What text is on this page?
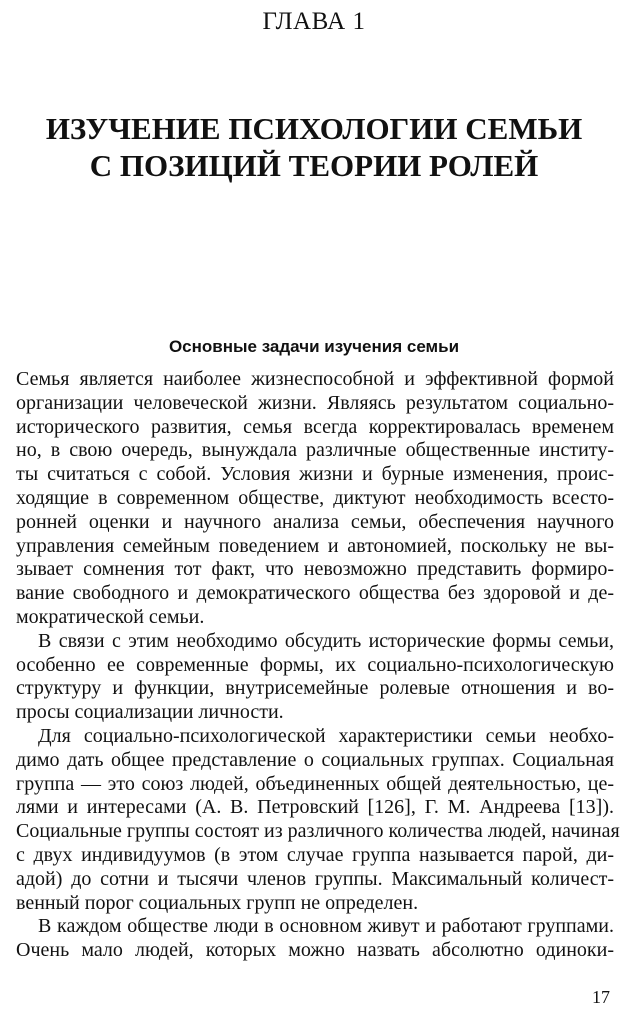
ГЛАВА 1
ИЗУЧЕНИЕ ПСИХОЛОГИИ СЕМЬИ
С ПОЗИЦИЙ ТЕОРИИ РОЛЕЙ
Основные задачи изучения семьи
Семья является наиболее жизнеспособной и эффективной формой
организации человеческой жизни. Являясь результатом социально-
исторического развития, семья всегда корректировалась временем
но, в свою очередь, вынуждала различные общественные институ-
ты считаться с собой. Условия жизни и бурные изменения, проис-
ходящие в современном обществе, диктуют необходимость всесто-
ронней оценки и научного анализа семьи, обеспечения научного
управления семейным поведением и автономией, поскольку не вы-
зывает сомнения тот факт, что невозможно представить формиро-
вание свободного и демократического общества без здоровой и де-
мократической семьи.
В связи с этим необходимо обсудить исторические формы семьи,
особенно ее современные формы, их социально-психологическую
структуру и функции, внутрисемейные ролевые отношения и во-
просы социализации личности.
Для социально-психологической характеристики семьи необхо-
димо дать общее представление о социальных группах. Социальная
группа — это союз людей, объединенных общей деятельностью, це-
лями и интересами (А. В. Петровский [126], Г. М. Андреева [13]).
Социальные группы состоят из различного количества людей, начиная
с двух индивидуумов (в этом случае группа называется парой, ди-
адой) до сотни и тысячи членов группы. Максимальный количест-
венный порог социальных групп не определен.
В каждом обществе люди в основном живут и работают группами.
Очень мало людей, которых можно назвать абсолютно одиноки-
17
